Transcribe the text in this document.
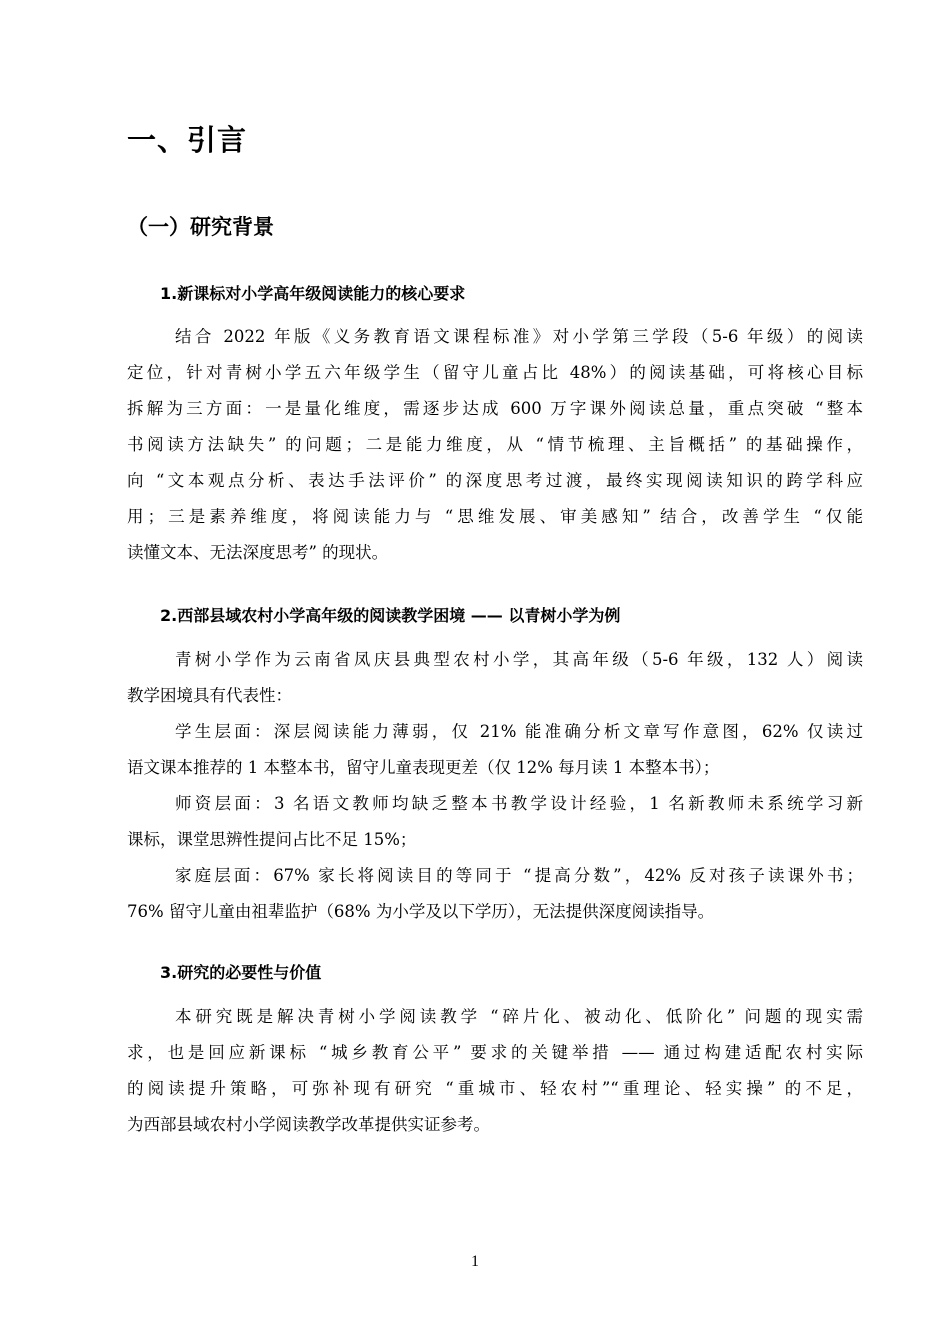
一、引言
（一）研究背景
1.新课标对小学高年级阅读能力的核心要求
结合 2022 年版《义务教育语文课程标准》对小学第三学段（5-6 年级）的阅读
定位，针对青树小学五六年级学生（留守儿童占比 48%）的阅读基础，可将核心目标
拆解为三方面：一是量化维度，需逐步达成 600 万字课外阅读总量，重点突破 “整本
书阅读方法缺失” 的问题；二是能力维度，从 “情节梳理、主旨概括” 的基础操作，
向 “文本观点分析、表达手法评价” 的深度思考过渡，最终实现阅读知识的跨学科应
用；三是素养维度，将阅读能力与 “思维发展、审美感知” 结合，改善学生 “仅能
读懂文本、无法深度思考” 的现状。
2.西部县域农村小学高年级的阅读教学困境 —— 以青树小学为例
青树小学作为云南省凤庆县典型农村小学，其高年级（5-6 年级，132 人）阅读
教学困境具有代表性：
学生层面：深层阅读能力薄弱，仅 21% 能准确分析文章写作意图，62% 仅读过
语文课本推荐的 1 本整本书，留守儿童表现更差（仅 12% 每月读 1 本整本书）；
师资层面：3 名语文教师均缺乏整本书教学设计经验，1 名新教师未系统学习新
课标，课堂思辨性提问占比不足 15%；
家庭层面：67% 家长将阅读目的等同于 “提高分数”，42% 反对孩子读课外书；
76% 留守儿童由祖辈监护（68% 为小学及以下学历），无法提供深度阅读指导。
3.研究的必要性与价值
本研究既是解决青树小学阅读教学 “碎片化、被动化、低阶化” 问题的现实需
求，也是回应新课标 “城乡教育公平” 要求的关键举措 —— 通过构建适配农村实际
的阅读提升策略，可弥补现有研究 “重城市、轻农村”“重理论、轻实操” 的不足，
为西部县域农村小学阅读教学改革提供实证参考。
1
